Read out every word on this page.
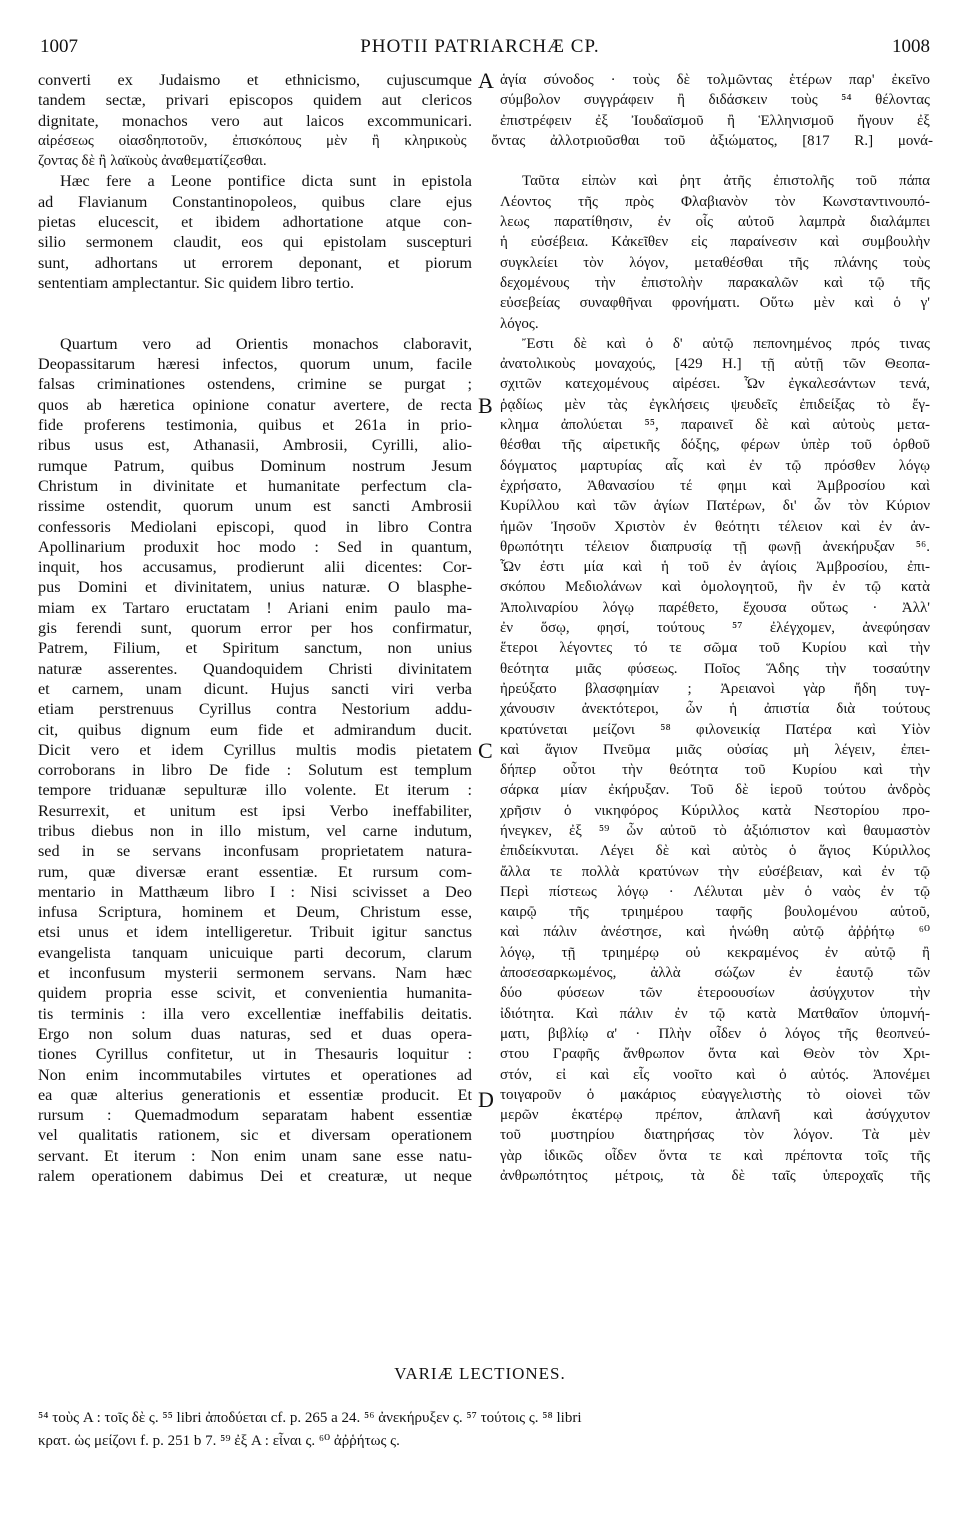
1007	PHOTII PATRIARCHÆ CP.	1008
A
B
C
D
converti ex Judaismo et ethnicismo, cujuscumque
tandem sectæ, privari episcopos quidem aut clericos
dignitate, monachos vero aut laicos excommunicari.
αἱρέσεως οἱασδηποτοῦν, ἐπισκόπους μὲν ἢ κληρικοὺς ὄντας ἀλλοτριοῦσθαι τοῦ ἀξιώματος, [817 R.] μονά-
ζοντας δὲ ἢ λαϊκοὺς ἀναθεματίζεσθαι.
Hæc fere a Leone pontifice dicta sunt in epistola
ad Flavianum Constantinopoleos, quibus clare ejus
pietas elucescit, et ibidem adhortatione atque con-
silio sermonem claudit, eos qui epistolam suscepturi
sunt, adhortans ut errorem deponant, et piorum
sententiam amplectantur. Sic quidem libro tertio.
Quartum vero ad Orientis monachos claboravit,
Deopassitarum hæresi infectos, quorum unum, facile
falsas criminationes ostendens, crimine se purgat ;
quos ab hæretica opinione conatur avertere, de recta
fide proferens testimonia, quibus et 261a in prio-
ribus usus est, Athanasii, Ambrosii, Cyrilli, alio-
rumque Patrum, quibus Dominum nostrum Jesum
Christum in divinitate et humanitate perfectum cla-
rissime ostendit, quorum unum est sancti Ambrosii
confessoris Mediolani episcopi, quod in libro Contra
Apollinarium produxit hoc modo : Sed in quantum,
inquit, hos accusamus, prodierunt alii dicentes: Cor-
pus Domini et divinitatem, unius naturæ. O blasphe-
miam ex Tartaro eructatam ! Ariani enim paulo ma-
gis ferendi sunt, quorum error per hos confirmatur,
Patrem, Filium, et Spiritum sanctum, non unius
naturæ asserentes. Quandoquidem Christi divinitatem
et carnem, unam dicunt. Hujus sancti viri verba
etiam perstrenuus Cyrillus contra Nestorium addu-
cit, quibus dignum eum fide et admirandum ducit.
Dicit vero et idem Cyrillus multis modis pietatem
corroborans in libro De fide : Solutum est templum
tempore triduanæ sepulturæ illo volente. Et iterum :
Resurrexit, et unitum est ipsi Verbo ineffabiliter,
tribus diebus non in illo mistum, vel carne indutum,
sed in se servans inconfusam proprietatem natura-
rum, quæ diversæ erant essentiæ. Et rursum com-
mentario in Matthæum libro I : Nisi scivisset a Deo
infusa Scriptura, hominem et Deum, Christum esse,
etsi unus et idem intelligeretur. Tribuit igitur sanctus
evangelista tanquam unicuique parti decorum, clarum
et inconfusum mysterii sermonem servans. Nam hæc
quidem propria esse scivit, et convenientia humanita-
tis terminis : illa vero excellentiæ ineffabilis deitatis.
Ergo non solum duas naturas, sed et duas opera-
tiones Cyrillus confitetur, ut in Thesauris loquitur :
Non enim incommutabiles virtutes et operationes ad
ea quæ alterius generationis et essentiæ producit. Et
rursum : Quemadmodum separatam habent essentiæ
vel qualitatis rationem, sic et diversam operationem
servant. Et iterum : Non enim unam sane esse natu-
ralem operationem dabimus Dei et creaturæ, ut neque
ἁγία σύνοδος · τοὺς δὲ τολμῶντας ἑτέρων παρ' ἐκεῖνο
σύμβολον συγγράφειν ἢ διδάσκειν τοὺς ⁵⁴ θέλοντας
ἐπιστρέφειν ἐξ Ἰουδαϊσμοῦ ἢ Ἑλληνισμοῦ ἤγουν ἐξ
Ταῦτα εἰπὼν καὶ ῥητ ἀτῆς ἐπιστολῆς τοῦ πάπα
Λέοντος τῆς πρὸς Φλαβιανὸν τὸν Κωνσταντινουπό-
λεως παρατίθησιν, ἐν οἷς αὐτοῦ λαμπρὰ διαλάμπει
ἡ εὐσέβεια. Κἀκεῖθεν εἰς παραίνεσιν καὶ συμβουλὴν
συγκλείει τὸν λόγον, μεταθέσθαι τῆς πλάνης τοὺς
δεχομένους τὴν ἐπιστολὴν παρακαλῶν καὶ τῷ τῆς
εὐσεβείας συναφθῆναι φρονήματι. Οὕτω μὲν καὶ ὁ γ'
λόγος.
Ἔστι δὲ καὶ ὁ δ' αὐτῷ πεπονημένος πρός τινας
ἀνατολικοὺς μοναχούς, [429 H.] τῇ αὐτῇ τῶν Θεοπα-
σχιτῶν κατεχομένους αἱρέσει. Ὧν ἐγκαλεσάντων τενά,
ῥᾳδίως μὲν τὰς ἐγκλήσεις ψευδεῖς ἐπιδείξας τὸ ἔγ-
κλημα ἀπολύεται ⁵⁵, παραινεῖ δὲ καὶ αὐτοὺς μετα-
θέσθαι τῆς αἱρετικῆς δόξης, φέρων ὑπὲρ τοῦ ὀρθοῦ
δόγματος μαρτυρίας αἷς καὶ ἐν τῷ πρόσθεν λόγῳ
ἐχρήσατο, Ἀθανασίου τέ φημι καὶ Ἀμβροσίου καὶ
Κυρίλλου καὶ τῶν ἁγίων Πατέρων, δι' ὧν τὸν Κύριον
ἡμῶν Ἰησοῦν Χριστὸν ἐν θεότητι τέλειον καὶ ἐν ἀν-
θρωπότητι τέλειον διαπρυσίᾳ τῇ φωνῇ ἀνεκήρυξαν ⁵⁶.
Ὧν ἐστι μία καὶ ἡ τοῦ ἐν ἁγίοις Ἀμβροσίου, ἐπι-
σκόπου Μεδιολάνων καὶ ὁμολογητοῦ, ἣν ἐν τῷ κατὰ
Ἀπολιναρίου λόγῳ παρέθετο, ἔχουσα οὕτως · Ἀλλ'
ἐν ὅσῳ, φησί, τούτους ⁵⁷ ἐλέγχομεν, ἀνεφύησαν
ἕτεροι λέγοντες τό τε σῶμα τοῦ Κυρίου καὶ τὴν
θεότητα μιᾶς φύσεως. Ποῖος Ἅδης τὴν τοσαύτην
ἠρεύξατο βλασφημίαν ; Ἀρειανοὶ γὰρ ἤδη τυγ-
χάνουσιν ἀνεκτότεροι, ὧν ἡ ἀπιστία διὰ τούτους
κρατύνεται μείζονι ⁵⁸ φιλονεικίᾳ Πατέρα καὶ Υἱὸν
καὶ ἅγιον Πνεῦμα μιᾶς οὐσίας μὴ λέγειν, ἐπει-
δήπερ οὗτοι τὴν θεότητα τοῦ Κυρίου καὶ τὴν
σάρκα μίαν ἐκήρυξαν. Τοῦ δὲ ἱεροῦ τούτου ἀνδρὸς
χρῆσιν ὁ νικηφόρος Κύριλλος κατὰ Νεστορίου προ-
ήνεγκεν, ἐξ ⁵⁹ ὧν αὐτοῦ τὸ ἀξιόπιστον καὶ θαυμαστὸν
ἐπιδείκνυται. Λέγει δὲ καὶ αὐτὸς ὁ ἅγιος Κύριλλος
ἄλλα τε πολλὰ κρατύνων τὴν εὐσέβειαν, καὶ ἐν τῷ
Περὶ πίστεως λόγῳ · Λέλυται μὲν ὁ ναὸς ἐν τῷ
καιρῷ τῆς τριημέρου ταφῆς βουλομένου αὐτοῦ,
καὶ πάλιν ἀνέστησε, καὶ ἡνώθη αὐτῷ ἀῤῥήτῳ ⁶⁰
λόγῳ, τῇ τριημέρῳ οὐ κεκραμένος ἐν αὐτῷ ἢ
ἀποσεσαρκωμένος, ἀλλὰ σώζων ἐν ἑαυτῷ τῶν
δύο φύσεων τῶν ἑτεροουσίων ἀσύγχυτον τὴν
ἰδιότητα. Καὶ πάλιν ἐν τῷ κατὰ Ματθαῖον ὑπομνή-
ματι, βιβλίῳ α' · Πλὴν οἶδεν ὁ λόγος τῆς θεοπνεύ-
στου Γραφῆς ἄνθρωπον ὄντα καὶ Θεὸν τὸν Χρι-
στόν, εἰ καὶ εἷς νοοῖτο καὶ ὁ αὐτός. Ἀπονέμει
τοιγαροῦν ὁ μακάριος εὐαγγελιστὴς τὸ οἰονεὶ τῶν
μερῶν ἑκατέρῳ πρέπον, ἀπλανῆ καὶ ἀσύγχυτον
τοῦ μυστηρίου διατηρήσας τὸν λόγον. Τὰ μὲν
γὰρ ἰδικῶς οἶδεν ὄντα τε καὶ πρέποντα τοῖς τῆς
ἀνθρωπότητος μέτροις, τὰ δὲ ταῖς ὑπεροχαῖς τῆς
VARIÆ LECTIONES.
⁵⁴ τοὺς A : τοῖς δὲ ς. ⁵⁵ libri ἀποδύεται cf. p. 265 a 24. ⁵⁶ ἀνεκήρυξεν ς. ⁵⁷ τούτοις ς. ⁵⁸ libri
κρατ. ὡς μείζονι f. p. 251 b 7. ⁵⁹ ἐξ A : εἶναι ς. ⁶⁰ ἀῤῥήτως ς.
